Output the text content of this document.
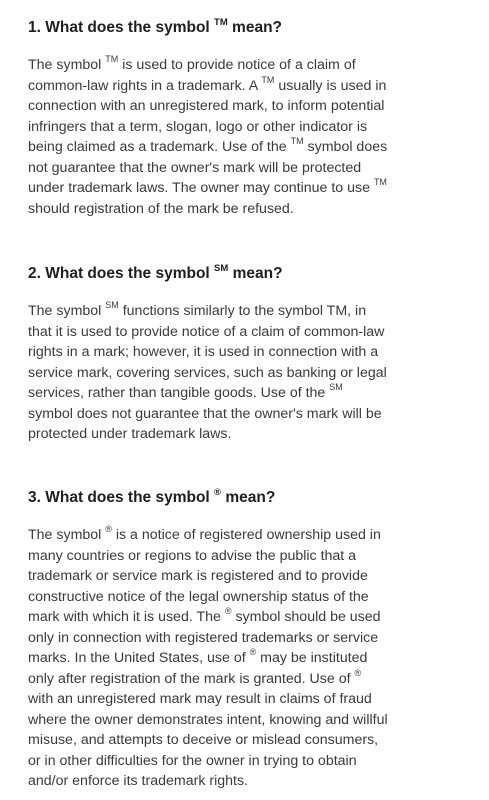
1. What does the symbol ™ mean?
The symbol ™ is used to provide notice of a claim of
common-law rights in a trademark. A ™ usually is used in
connection with an unregistered mark, to inform potential
infringers that a term, slogan, logo or other indicator is
being claimed as a trademark. Use of the ™ symbol does
not guarantee that the owner's mark will be protected
under trademark laws. The owner may continue to use ™
should registration of the mark be refused.
2. What does the symbol ℠ mean?
The symbol ℠ functions similarly to the symbol TM, in
that it is used to provide notice of a claim of common-law
rights in a mark; however, it is used in connection with a
service mark, covering services, such as banking or legal
services, rather than tangible goods. Use of the ℠
symbol does not guarantee that the owner's mark will be
protected under trademark laws.
3. What does the symbol ® mean?
The symbol ® is a notice of registered ownership used in
many countries or regions to advise the public that a
trademark or service mark is registered and to provide
constructive notice of the legal ownership status of the
mark with which it is used. The ® symbol should be used
only in connection with registered trademarks or service
marks. In the United States, use of ® may be instituted
only after registration of the mark is granted. Use of ®
with an unregistered mark may result in claims of fraud
where the owner demonstrates intent, knowing and willful
misuse, and attempts to deceive or mislead consumers,
or in other difficulties for the owner in trying to obtain
and/or enforce its trademark rights.
